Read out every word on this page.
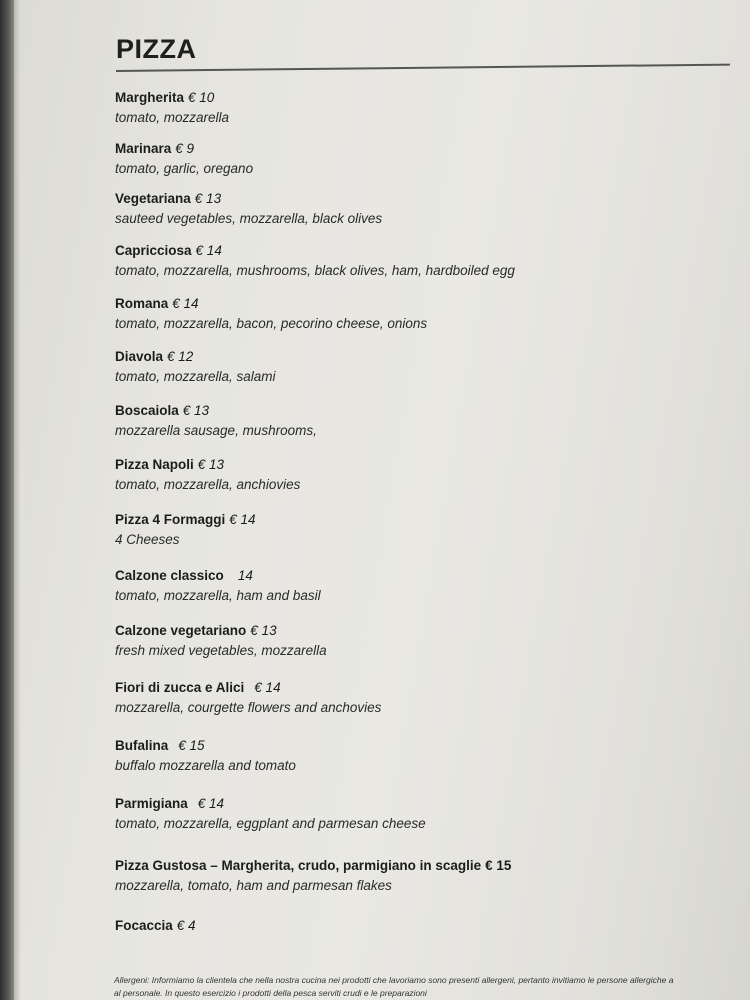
PIZZA
Margherita € 10
tomato, mozzarella
Marinara € 9
tomato, garlic, oregano
Vegetariana € 13
sauteed vegetables, mozzarella, black olives
Capricciosa € 14
tomato, mozzarella, mushrooms, black olives, ham, hardboiled egg
Romana € 14
tomato, mozzarella, bacon, pecorino cheese, onions
Diavola € 12
tomato, mozzarella, salami
Boscaiola € 13
mozzarella sausage, mushrooms,
Pizza Napoli € 13
tomato, mozzarella, anchiovies
Pizza 4 Formaggi € 14
4 Cheeses
Calzone classico 14
tomato, mozzarella, ham and basil
Calzone vegetariano € 13
fresh mixed vegetables, mozzarella
Fiori di zucca e Alici € 14
mozzarella, courgette flowers and anchovies
Bufalina € 15
buffalo mozzarella and tomato
Parmigiana € 14
tomato, mozzarella, eggplant and parmesan cheese
Pizza Gustosa – Margherita, crudo, parmigiano in scaglie € 15
mozzarella, tomato, ham and parmesan flakes
Focaccia € 4
Allergeni: Informiamo la clientela che nella nostra cucina nei prodotti che lavoriamo sono presenti allergeni, pertanto invitiamo le persone allergiche a
al personale. In questo esercizio i prodotti della pesca serviti crudi e le preparazioni
